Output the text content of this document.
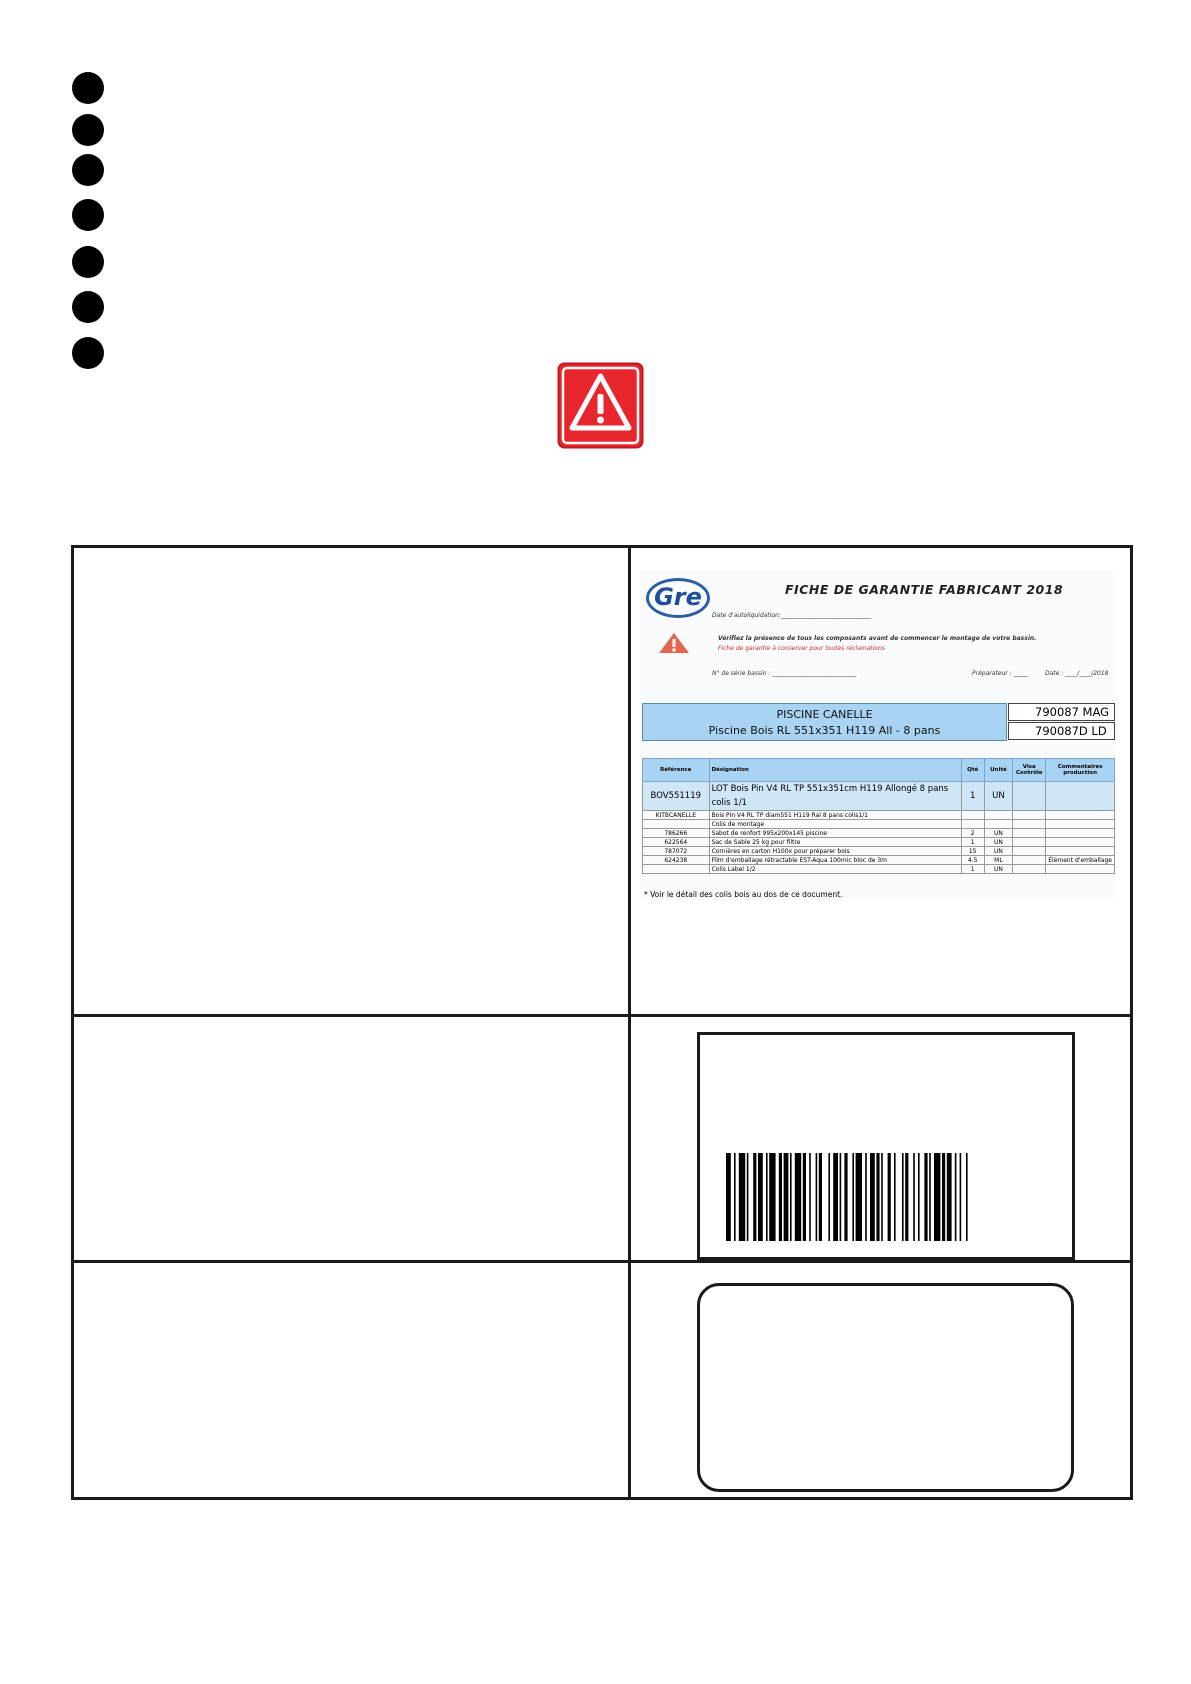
Gre	FICHE DE GARANTIE FABRICANT 2018
Date d'autoliquidation:______________________________
Vérifiez la présence de tous les composants avant de commencer le montage de votre bassin.
Fiche de garantie à conserver pour toutes réclamations
N° de série bassin : ____________________________	Préparateur : _____	Date : ____/____/2018
PISCINE CANELLE
Piscine Bois RL 551x351 H119 All - 8 pans
790087 MAG
790087D LD
Référence	Désignation	Qté	Unité	Visa Contrôle	Commentaires production
BOV551119	LOT Bois Pin V4 RL TP 551x351cm H119 Allongé 8 pans colis 1/1	1	UN		
KITBCANELLE	Bois Pin V4 RL TP diam551 H119 Ral 8 pans colis1/1				
	Colis de montage				
786266	Sabot de renfort 995x200x145 piscine	2	UN		
622564	Sac de Sable 25 kg pour filtre	1	UN		
787072	Cornières en carton H100x pour préparer bois	15	UN		
624238	Film d'emballage rétractable EST-Aqua 100mic bloc de 3m	4.5	ML		Élément d'emballage
	Colis Label 1/2	1	UN		
* Voir le détail des colis bois au dos de ce document.
